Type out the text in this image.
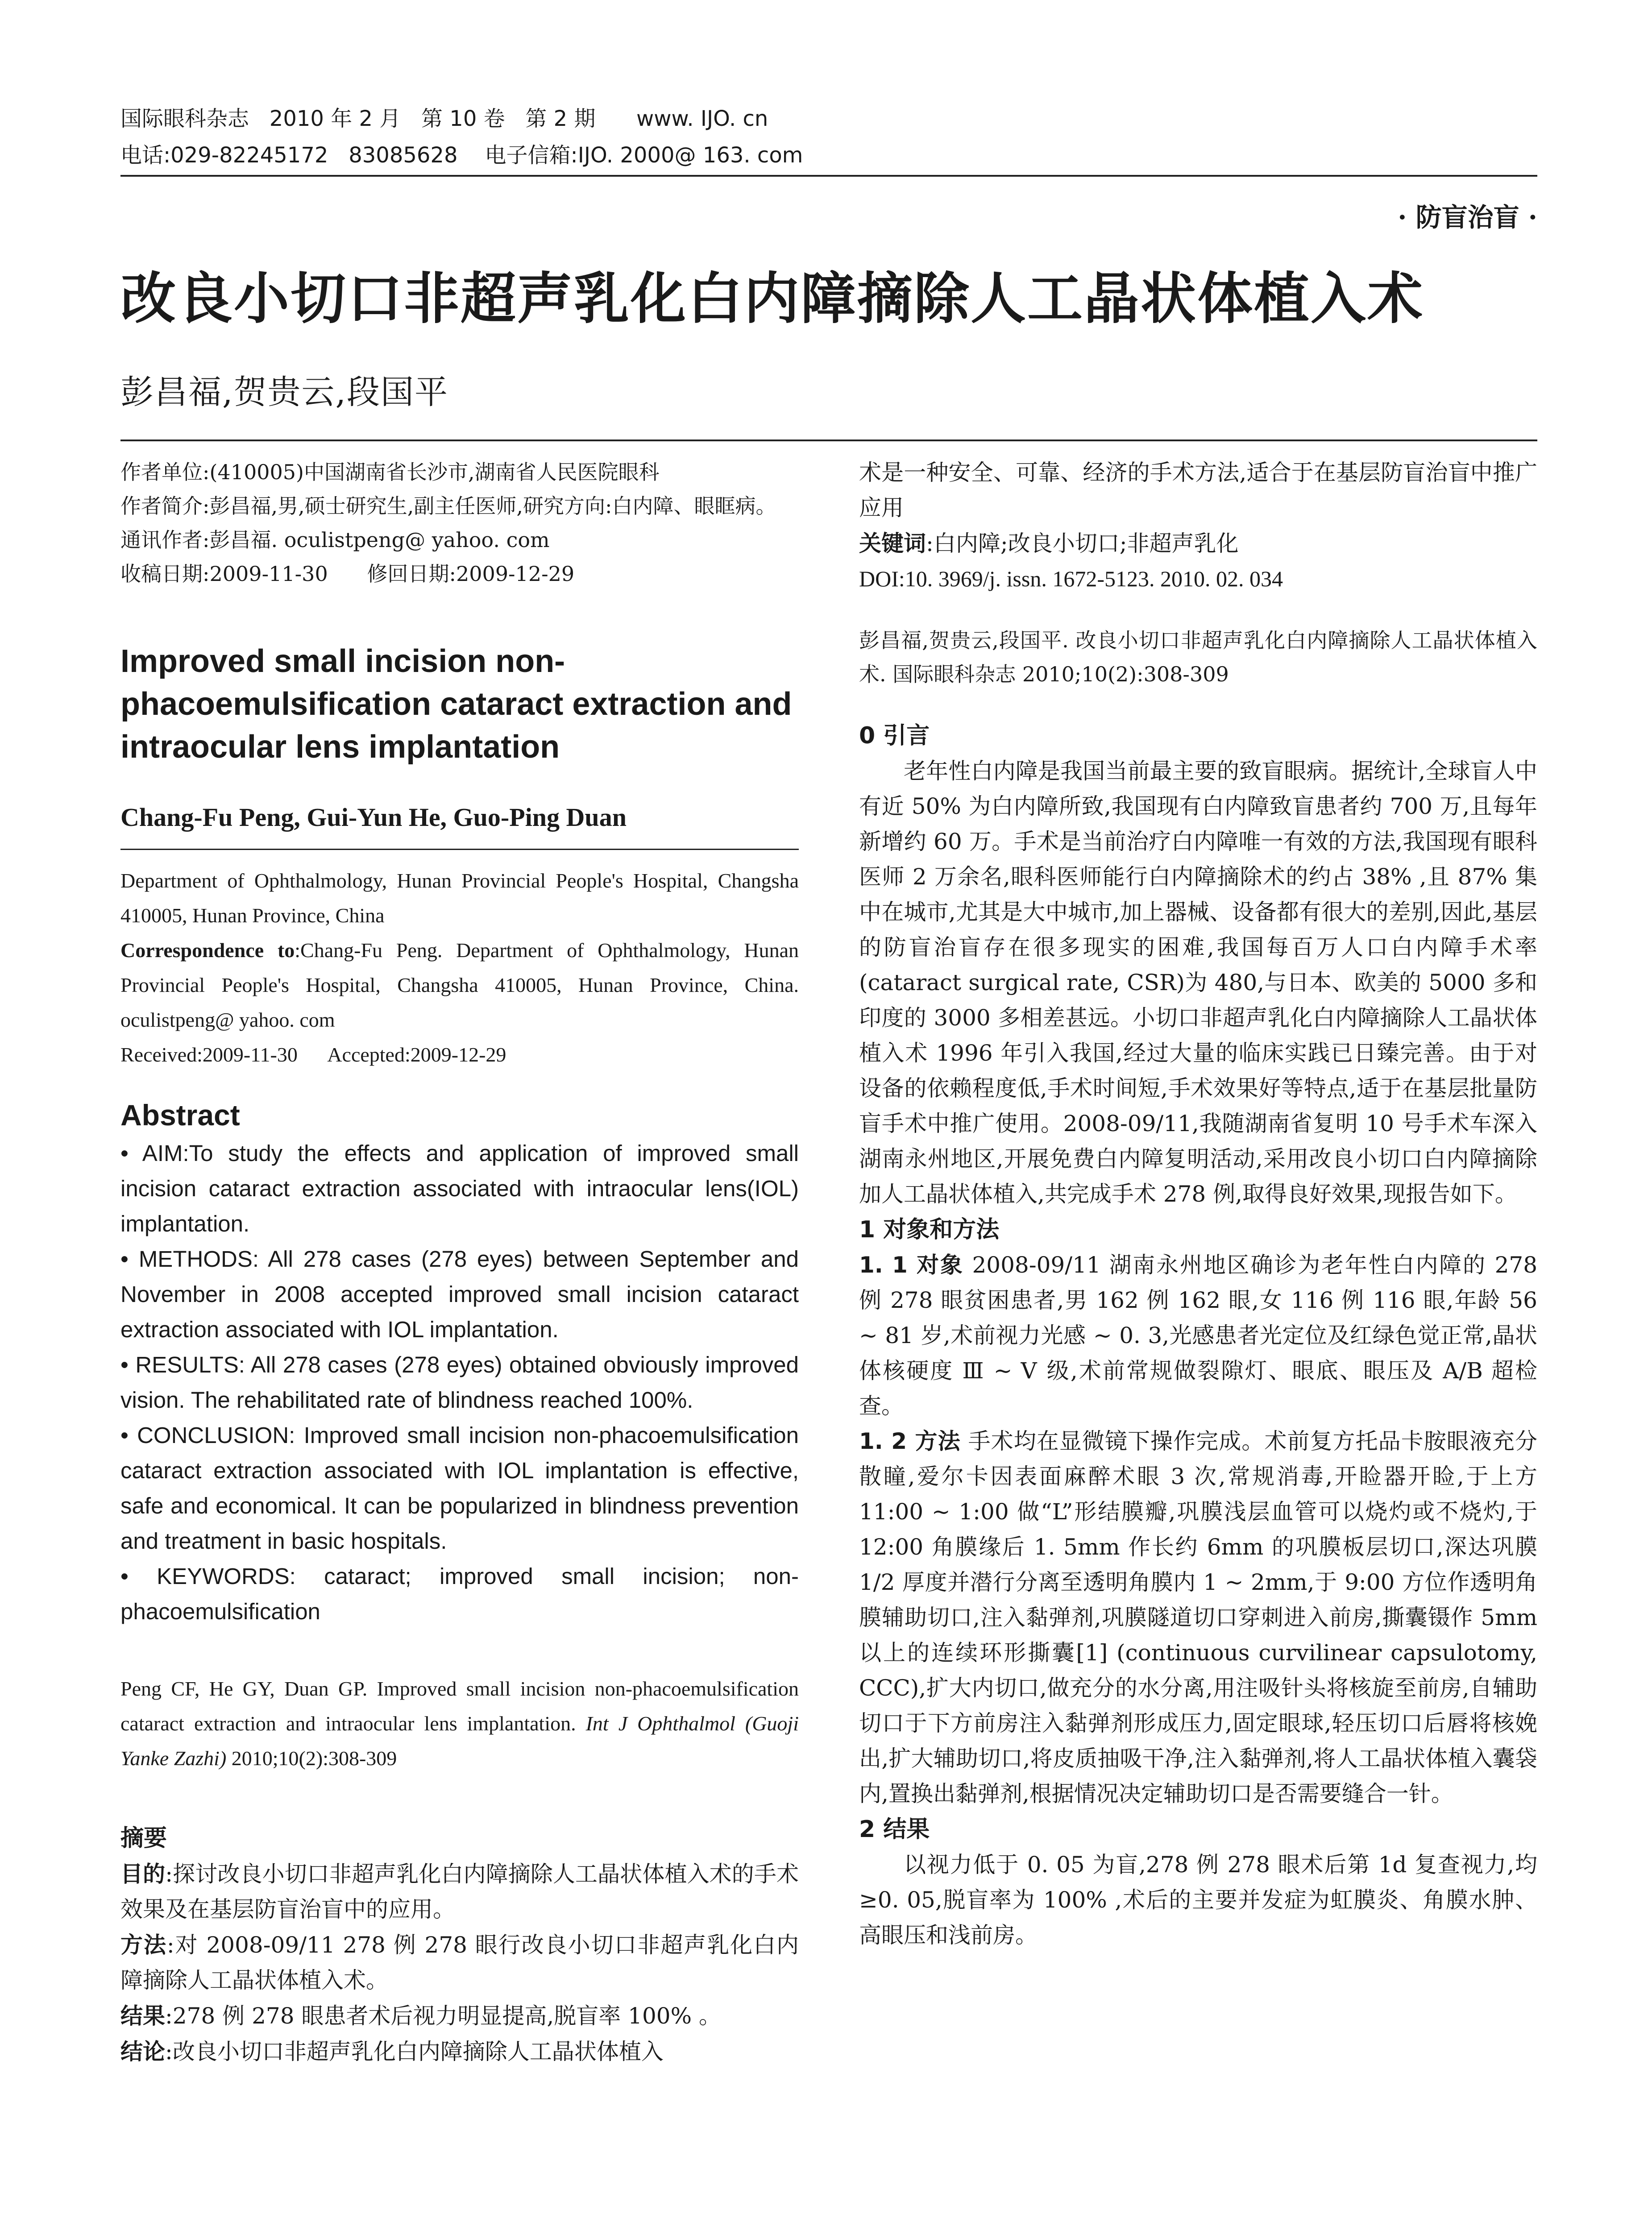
国际眼科杂志   2010 年 2 月   第 10 卷   第 2 期      www. IJO. cn
电话:029-82245172   83085628    电子信箱:IJO. 2000@ 163. com
· 防盲治盲 ·
改良小切口非超声乳化白内障摘除人工晶状体植入术
彭昌福,贺贵云,段国平

作者单位:(410005)中国湖南省长沙市,湖南省人民医院眼科

作者简介:彭昌福,男,硕士研究生,副主任医师,研究方向:白内障、眼眶病。

通讯作者:彭昌福. oculistpeng@ yahoo. com

收稿日期:2009-11-30      修回日期:2009-12-29

Improved small incision non-phacoemulsification cataract extraction and intraocular lens implantation

Chang-Fu Peng, Gui-Yun He, Guo-Ping Duan

Department of Ophthalmology, Hunan Provincial People's Hospital, Changsha 410005, Hunan Province, China

Correspondence to:Chang-Fu Peng. Department of Ophthalmology, Hunan Provincial People's Hospital, Changsha 410005, Hunan Province, China. oculistpeng@ yahoo. com

Received:2009-11-30      Accepted:2009-12-29

Abstract

• AIM:To study the effects and application of improved small incision cataract extraction associated with intraocular lens(IOL) implantation.

• METHODS: All 278 cases (278 eyes) between September and November in 2008 accepted improved small incision cataract extraction associated with IOL implantation.

• RESULTS: All 278 cases (278 eyes) obtained obviously improved vision. The rehabilitated rate of blindness reached 100%.

• CONCLUSION: Improved small incision non-phacoemulsification cataract extraction associated with IOL implantation is effective, safe and economical. It can be popularized in blindness prevention and treatment in basic hospitals.

• KEYWORDS: cataract; improved small incision; non-phacoemulsification

Peng CF, He GY, Duan GP. Improved small incision non-phacoemulsification cataract extraction and intraocular lens implantation. Int J Ophthalmol (Guoji Yanke Zazhi) 2010;10(2):308-309

摘要

目的:探讨改良小切口非超声乳化白内障摘除人工晶状体植入术的手术效果及在基层防盲治盲中的应用。

方法:对 2008-09/11 278 例 278 眼行改良小切口非超声乳化白内障摘除人工晶状体植入术。

结果:278 例 278 眼患者术后视力明显提高,脱盲率 100% 。

结论:改良小切口非超声乳化白内障摘除人工晶状体植入

术是一种安全、可靠、经济的手术方法,适合于在基层防盲治盲中推广应用

关键词:白内障;改良小切口;非超声乳化

DOI:10. 3969/j. issn. 1672-5123. 2010. 02. 034

彭昌福,贺贵云,段国平. 改良小切口非超声乳化白内障摘除人工晶状体植入术. 国际眼科杂志 2010;10(2):308-309

0 引言

老年性白内障是我国当前最主要的致盲眼病。据统计,全球盲人中有近 50% 为白内障所致,我国现有白内障致盲患者约 700 万,且每年新增约 60 万。手术是当前治疗白内障唯一有效的方法,我国现有眼科医师 2 万余名,眼科医师能行白内障摘除术的约占 38% ,且 87% 集中在城市,尤其是大中城市,加上器械、设备都有很大的差别,因此,基层的防盲治盲存在很多现实的困难,我国每百万人口白内障手术率(cataract surgical rate, CSR)为 480,与日本、欧美的 5000 多和印度的 3000 多相差甚远。小切口非超声乳化白内障摘除人工晶状体植入术 1996 年引入我国,经过大量的临床实践已日臻完善。由于对设备的依赖程度低,手术时间短,手术效果好等特点,适于在基层批量防盲手术中推广使用。2008-09/11,我随湖南省复明 10 号手术车深入湖南永州地区,开展免费白内障复明活动,采用改良小切口白内障摘除加人工晶状体植入,共完成手术 278 例,取得良好效果,现报告如下。

1 对象和方法

1. 1 对象 2008-09/11 湖南永州地区确诊为老年性白内障的 278 例 278 眼贫困患者,男 162 例 162 眼,女 116 例 116 眼,年龄 56 ~ 81 岁,术前视力光感 ~ 0. 3,光感患者光定位及红绿色觉正常,晶状体核硬度 Ⅲ ~ Ⅴ 级,术前常规做裂隙灯、眼底、眼压及 A/B 超检查。

1. 2 方法 手术均在显微镜下操作完成。术前复方托品卡胺眼液充分散瞳,爱尔卡因表面麻醉术眼 3 次,常规消毒,开睑器开睑,于上方 11:00 ~ 1:00 做“L”形结膜瓣,巩膜浅层血管可以烧灼或不烧灼,于 12:00 角膜缘后 1. 5mm 作长约 6mm 的巩膜板层切口,深达巩膜 1/2 厚度并潜行分离至透明角膜内 1 ~ 2mm,于 9:00 方位作透明角膜辅助切口,注入黏弹剂,巩膜隧道切口穿刺进入前房,撕囊镊作 5mm 以上的连续环形撕囊[1] (continuous curvilinear capsulotomy, CCC),扩大内切口,做充分的水分离,用注吸针头将核旋至前房,自辅助切口于下方前房注入黏弹剂形成压力,固定眼球,轻压切口后唇将核娩出,扩大辅助切口,将皮质抽吸干净,注入黏弹剂,将人工晶状体植入囊袋内,置换出黏弹剂,根据情况决定辅助切口是否需要缝合一针。

2 结果

以视力低于 0. 05 为盲,278 例 278 眼术后第 1d 复查视力,均≥0. 05,脱盲率为 100% ,术后的主要并发症为虹膜炎、角膜水肿、高眼压和浅前房。
